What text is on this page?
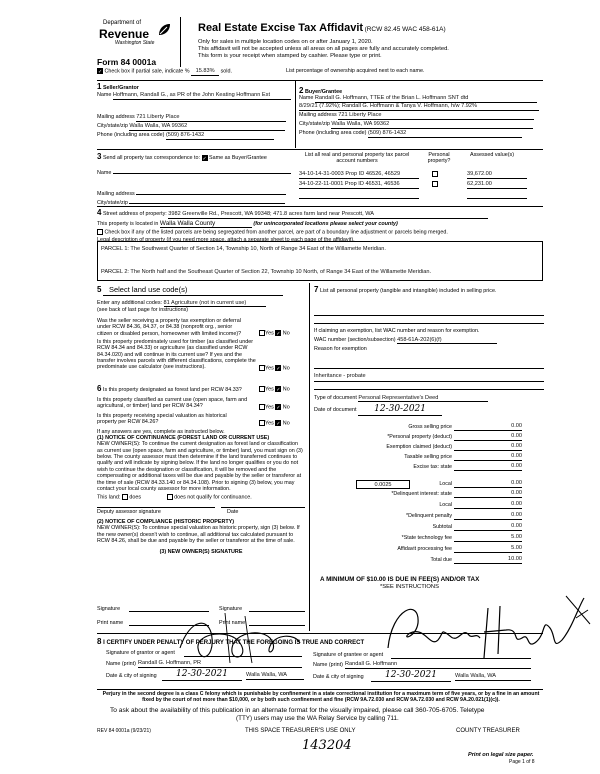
Department of
Revenue
Washington State
Form 84 0001a
Real Estate Excise Tax Affidavit (RCW 82.45 WAC 458-61A)
Only for sales in multiple location codes on or after January 1, 2020.
This affidavit will not be accepted unless all areas on all pages are fully and accurately completed.
This form is your receipt when stamped by cashier. Please type or print.
✓ Check box if partial sale, indicate % 15.83% sold.	List percentage of ownership acquired next to each name.
1 Seller/Grantor
Name Hoffmann, Randall G., as PR of the John Keating Hoffmann Est
Mailing address 721 Liberty Place
City/state/zip Walla Walla, WA 99362
Phone (including area code) (509) 876-1432
2 Buyer/Grantee
Name Randall G. Hoffmann, TTEE of the Brian L. Hoffmann SNT dtd
8/29/21 (7.92%); Randall G. Hoffmann & Tanya V. Hoffmann, h/w 7.92%
Mailing address 721 Liberty Place
City/state/zip Walla Walla, WA 99362
Phone (including area code) (509) 876-1432
3 Send all property tax correspondence to: ✓ Same as Buyer/Grantee
Name
Mailing address
City/state/zip
List all real and personal property tax parcel account numbers
Personal property?
Assessed value(s)
34-10-14-31-0003 Prop ID 46526, 46529	39,672.00
34-10-22-11-0001 Prop ID 46531, 46536	62,231.00
4 Street address of property: 3982 Greenville Rd., Prescott, WA 99348; 471.8 acres farm land near Prescott, WA
This property is located in Walla Walla County	(for unincorporated locations please select your county)
Check box if any of the listed parcels are being segregated from another parcel, are part of a boundary line adjustment or parcels being merged.
Legal description of property (if you need more space, attach a separate sheet to each page of the affidavit).
PARCEL 1: The Southwest Quarter of Section 14, Township 10, North of Range 34 East of the Willamette Meridian.
PARCEL 2: The North half and the Southeast Quarter of Section 22, Township 10 North, of Range 34 East of the Willamette Meridian.
5 Select land use code(s)
Enter any additional codes: 81 Agriculture (not in current use)
(see back of last page for instructions)
Was the seller receiving a property tax exemption or deferral under RCW 84.36, 84.37, or 84.38 (nonprofit org., senior citizen or disabled person, homeowner with limited income)?	Yes ✓ No
Is this property predominately used for timber (as classified under RCW 84.34 and 84.33) or agriculture (as classified under RCW 84.34.020) and will continue in its current use? If yes and the transfer involves parcels with different classifications, complete the predominate use calculator (see instructions).	Yes ✓ No
6 Is this property designated as forest land per RCW 84.33?	Yes ✓ No
Is this property classified as current use (open space, farm and agricultural, or timber) land per RCW 84.34?	Yes ✓ No
Is this property receiving special valuation as historical property per RCW 84.26?	Yes ✓ No
If any answers are yes, complete as instructed below.
(1) NOTICE OF CONTINUANCE (FOREST LAND OR CURRENT USE)
NEW OWNER(S): To continue the current designation as forest land or classification as current use (open space, farm and agriculture, or timber) land, you must sign on (3) below. The county assessor must then determine if the land transferred continues to qualify and will indicate by signing below. If the land no longer qualifies or you do not wish to continue the designation or classification, it will be removed and the compensating or additional taxes will be due and payable by the seller or transferor at the time of sale (RCW 84.33.140 or 84.34.108). Prior to signing (3) below, you may contact your local county assessor for more information.
This land: does	does not qualify for continuance.
Deputy assessor signature	Date
(2) NOTICE OF COMPLIANCE (HISTORIC PROPERTY)
NEW OWNER(S): To continue special valuation as historic property, sign (3) below. If the new owner(s) doesn't wish to continue, all additional tax calculated pursuant to RCW 84.26, shall be due and payable by the seller or transferor at the time of sale.
(3) NEW OWNER(S) SIGNATURE
Signature	Signature
Print name	Print name
7 List all personal property (tangible and intangible) included in selling price.
If claiming an exemption, list WAC number and reason for exemption.
WAC number (section/subsection) 458-61A-202(6)(f)
Reason for exemption
Inheritance - probate
Type of document Personal Representative's Deed
Date of document 12-30-2021
Gross selling price	0.00
*Personal property (deduct)	0.00
Exemption claimed (deduct)	0.00
Taxable selling price	0.00
Excise tax: state	0.00
0.0025	Local	0.00
*Delinquent interest: state	0.00
Local	0.00
*Delinquent penalty	0.00
Subtotal	0.00
*State technology fee	5.00
Affidavit processing fee	5.00
Total due	10.00
A MINIMUM OF $10.00 IS DUE IN FEE(S) AND/OR TAX
*SEE INSTRUCTIONS
8 I CERTIFY UNDER PENALTY OF PERJURY THAT THE FOREGOING IS TRUE AND CORRECT
Signature of grantor or agent
Name (print) Randall G. Hoffmann, PR
Date & city of signing	12-30-2021	Walla Walla, WA
Signature of grantee or agent
Name (print) Randall G. Hoffmann
Date & city of signing	12-30-2021	Walla Walla, WA
Perjury in the second degree is a class C felony which is punishable by confinement in a state correctional institution for a maximum term of five years, or by a fine in an amount fixed by the court of not more than $10,000, or by both such confinement and fine (RCW 9A.72.030 and RCW 9A.72.030 and RCW 9A.20.021(1)(c)).
To ask about the availability of this publication in an alternate format for the visually impaired, please call 360-705-6705. Teletype
(TTY) users may use the WA Relay Service by calling 711.
REV 84 0001a (9/23/21)	THIS SPACE TREASURER'S USE ONLY	COUNTY TREASURER
143204
Print on legal size paper.
Page 1 of 8
